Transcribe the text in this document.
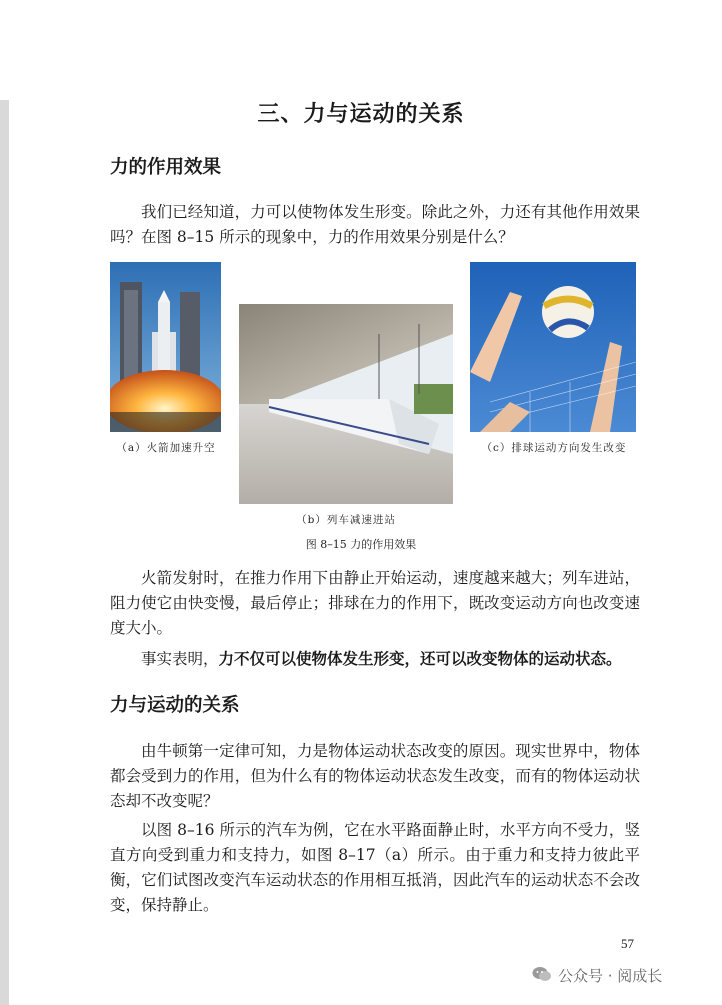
三、力与运动的关系
力的作用效果

我们已经知道，力可以使物体发生形变。除此之外，力还有其他作用效果吗？在图 8–15 所示的现象中，力的作用效果分别是什么？

（a）火箭加速升空
（b）列车减速进站
（c）排球运动方向发生改变
图 8–15 力的作用效果

火箭发射时，在推力作用下由静止开始运动，速度越来越大；列车进站，阻力使它由快变慢，最后停止；排球在力的作用下，既改变运动方向也改变速度大小。

事实表明，力不仅可以使物体发生形变，还可以改变物体的运动状态。

力与运动的关系

由牛顿第一定律可知，力是物体运动状态改变的原因。现实世界中，物体都会受到力的作用，但为什么有的物体运动状态发生改变，而有的物体运动状态却不改变呢？

以图 8–16 所示的汽车为例，它在水平路面静止时，水平方向不受力，竖直方向受到重力和支持力，如图 8–17（a）所示。由于重力和支持力彼此平衡，它们试图改变汽车运动状态的作用相互抵消，因此汽车的运动状态不会改变，保持静止。

57
公众号 · 阅成长
